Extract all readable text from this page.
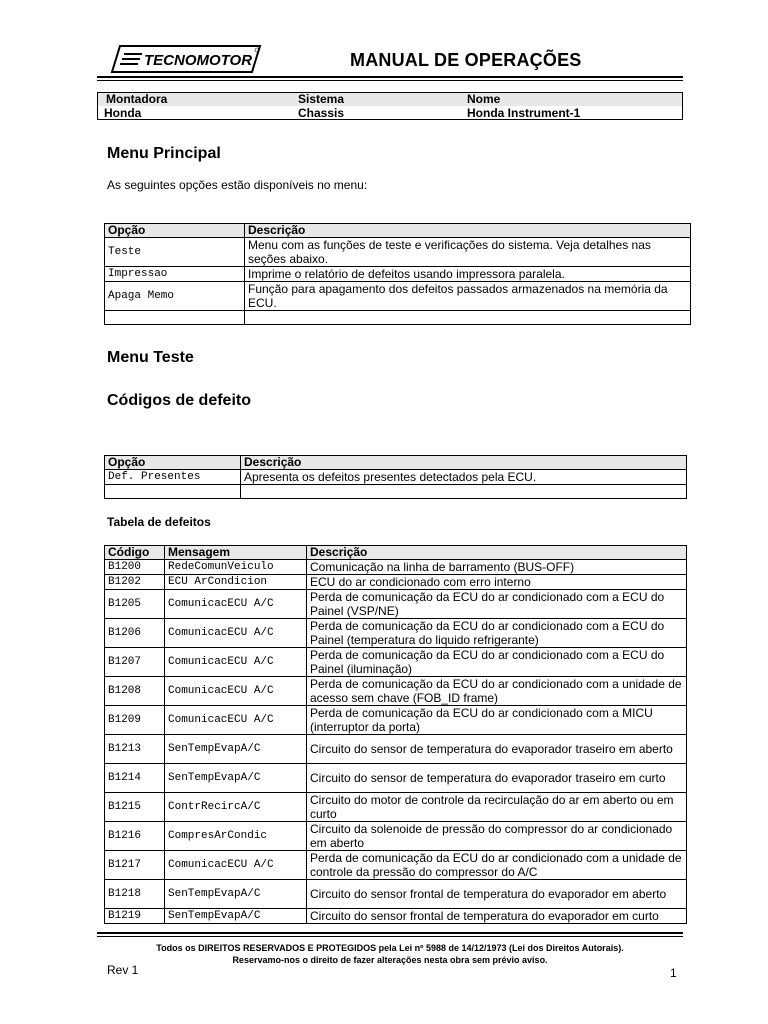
TECNOMOTOR	MANUAL DE OPERAÇÕES
Montadora	Sistema	Nome
Honda	Chassis	Honda Instrument-1
Menu Principal
As seguintes opções estão disponíveis no menu:
Opção	Descrição
Teste	Menu com as funções de teste e verificações do sistema. Veja detalhes nas seções abaixo.
Impressao	Imprime o relatório de defeitos usando impressora paralela.
Apaga Memo	Função para apagamento dos defeitos passados armazenados na memória da ECU.

Menu Teste
Códigos de defeito
Opção	Descrição
Def. Presentes	Apresenta os defeitos presentes detectados pela ECU.

Tabela de defeitos
Código	Mensagem	Descrição
B1200	RedeComunVeiculo	Comunicação na linha de barramento (BUS-OFF)
B1202	ECU ArCondicion	ECU do ar condicionado com erro interno
B1205	ComunicacECU A/C	Perda de comunicação da ECU do ar condicionado com a ECU do Painel (VSP/NE)
B1206	ComunicacECU A/C	Perda de comunicação da ECU do ar condicionado com a ECU do Painel (temperatura do liquido refrigerante)
B1207	ComunicacECU A/C	Perda de comunicação da ECU do ar condicionado com a ECU do Painel (iluminação)
B1208	ComunicacECU A/C	Perda de comunicação da ECU do ar condicionado com a unidade de acesso sem chave (FOB_ID frame)
B1209	ComunicacECU A/C	Perda de comunicação da ECU do ar condicionado com a MICU (interruptor da porta)
B1213	SenTempEvapA/C	Circuito do sensor de temperatura do evaporador traseiro em aberto
B1214	SenTempEvapA/C	Circuito do sensor de temperatura do evaporador traseiro em curto
B1215	ContrRecircA/C	Circuito do motor de controle da recirculação do ar em aberto ou em curto
B1216	CompresArCondic	Circuito da solenoide de pressão do compressor do ar condicionado em aberto
B1217	ComunicacECU A/C	Perda de comunicação da ECU do ar condicionado com a unidade de controle da pressão do compressor do A/C
B1218	SenTempEvapA/C	Circuito do sensor frontal de temperatura do evaporador em aberto
B1219	SenTempEvapA/C	Circuito do sensor frontal de temperatura do evaporador em curto
Todos os DIREITOS RESERVADOS E PROTEGIDOS pela Lei nº 5988 de 14/12/1973 (Lei dos Direitos Autorais).
Reservamo-nos o direito de fazer alterações nesta obra sem prévio aviso.
Rev 1	1
